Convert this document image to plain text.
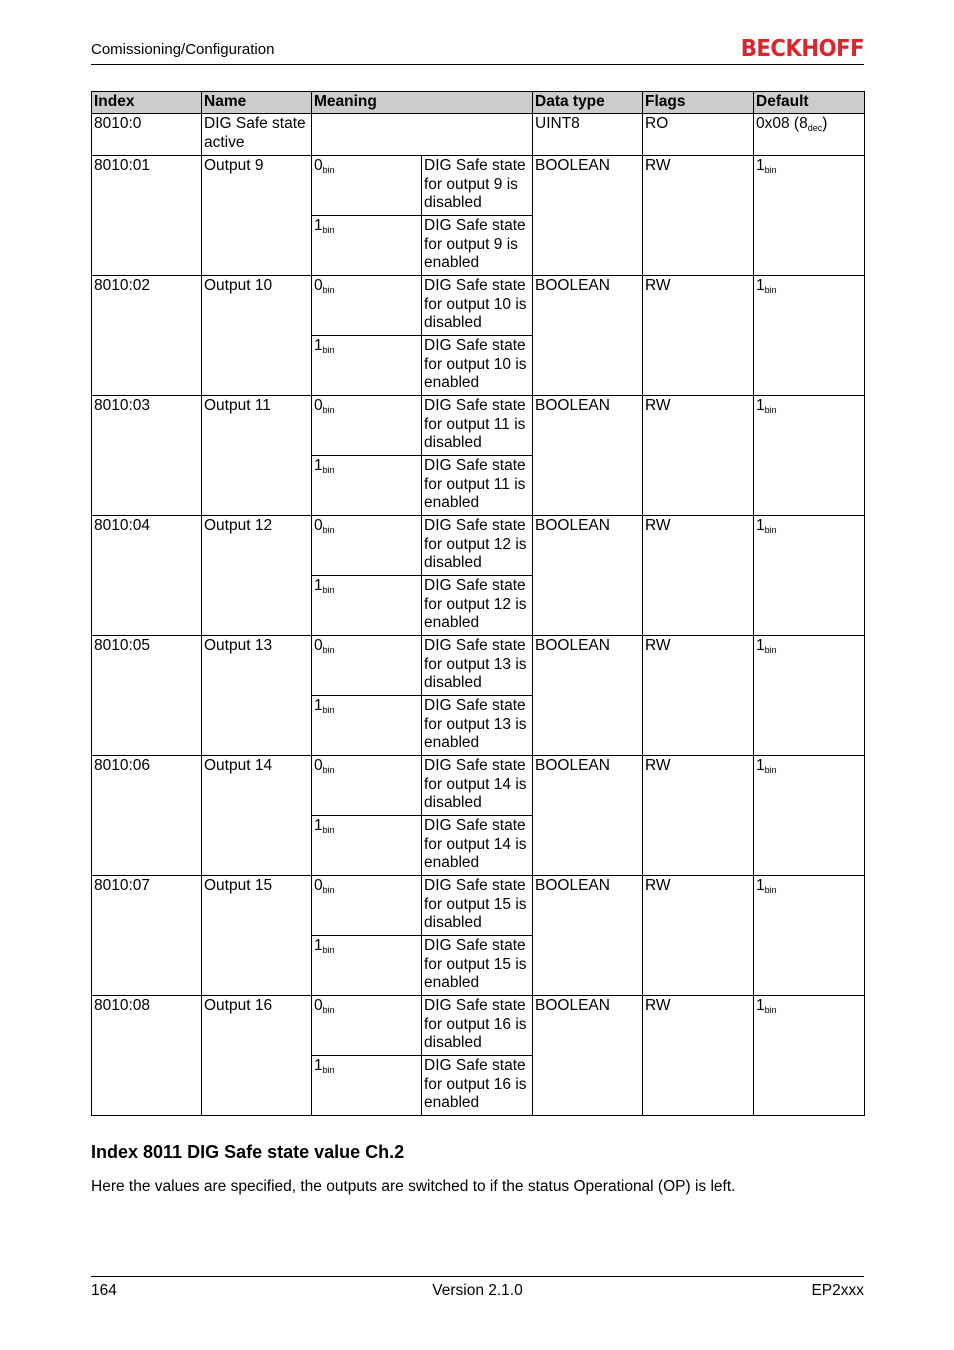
Comissioning/Configuration	BECKHOFF
Index	Name	Meaning		Data type	Flags	Default
8010:0	DIG Safe state active			UINT8	RO	0x08 $(8_{dec})$
8010:01	Output 9	$0_{bin}$	DIG Safe state for output 9 is disabled	BOOLEAN	RW	$1_{bin}$
		$1_{bin}$	DIG Safe state for output 9 is enabled			
8010:02	Output 10	$0_{bin}$	DIG Safe state for output 10 is disabled	BOOLEAN	RW	$1_{bin}$
		$1_{bin}$	DIG Safe state for output 10 is enabled			
8010:03	Output 11	$0_{bin}$	DIG Safe state for output 11 is disabled	BOOLEAN	RW	$1_{bin}$
		$1_{bin}$	DIG Safe state for output 11 is enabled			
8010:04	Output 12	$0_{bin}$	DIG Safe state for output 12 is disabled	BOOLEAN	RW	$1_{bin}$
		$1_{bin}$	DIG Safe state for output 12 is enabled			
8010:05	Output 13	$0_{bin}$	DIG Safe state for output 13 is disabled	BOOLEAN	RW	$1_{bin}$
		$1_{bin}$	DIG Safe state for output 13 is enabled			
8010:06	Output 14	$0_{bin}$	DIG Safe state for output 14 is disabled	BOOLEAN	RW	$1_{bin}$
		$1_{bin}$	DIG Safe state for output 14 is enabled			
8010:07	Output 15	$0_{bin}$	DIG Safe state for output 15 is disabled	BOOLEAN	RW	$1_{bin}$
		$1_{bin}$	DIG Safe state for output 15 is enabled			
8010:08	Output 16	$0_{bin}$	DIG Safe state for output 16 is disabled	BOOLEAN	RW	$1_{bin}$
		$1_{bin}$	DIG Safe state for output 16 is enabled			
Index 8011 DIG Safe state value Ch.2
Here the values are specified, the outputs are switched to if the status Operational (OP) is left.
164	Version 2.1.0	EP2xxx
